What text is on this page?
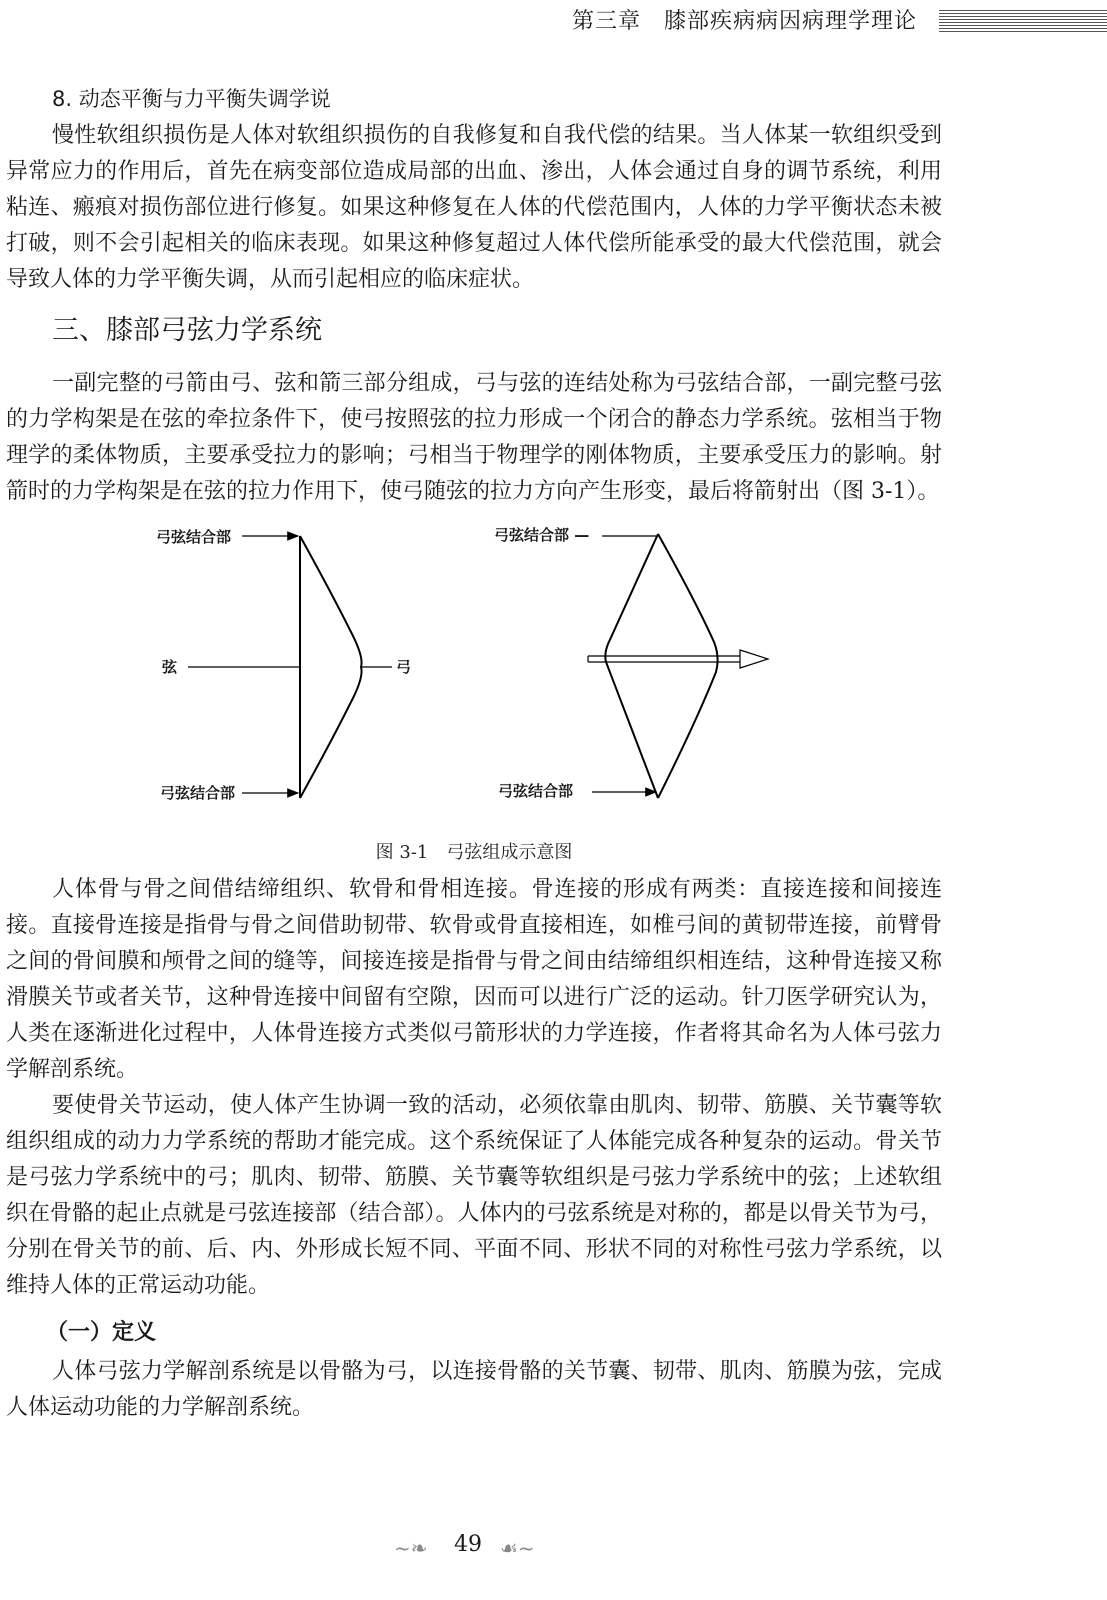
第三章　膝部疾病病因病理学理论
8. 动态平衡与力平衡失调学说

慢性软组织损伤是人体对软组织损伤的自我修复和自我代偿的结果。当人体某一软组织受到异常应力的作用后，首先在病变部位造成局部的出血、渗出，人体会通过自身的调节系统，利用粘连、瘢痕对损伤部位进行修复。如果这种修复在人体的代偿范围内，人体的力学平衡状态未被打破，则不会引起相关的临床表现。如果这种修复超过人体代偿所能承受的最大代偿范围，就会导致人体的力学平衡失调，从而引起相应的临床症状。

三、膝部弓弦力学系统

一副完整的弓箭由弓、弦和箭三部分组成，弓与弦的连结处称为弓弦结合部，一副完整弓弦的力学构架是在弦的牵拉条件下，使弓按照弦的拉力形成一个闭合的静态力学系统。弦相当于物理学的柔体物质，主要承受拉力的影响；弓相当于物理学的刚体物质，主要承受压力的影响。射箭时的力学构架是在弦的拉力作用下，使弓随弦的拉力方向产生形变，最后将箭射出（图 3-1）。

弓弦结合部
弦	弓
弓弦结合部
弓弦结合部 —
弓弦结合部
图 3-1　弓弦组成示意图

人体骨与骨之间借结缔组织、软骨和骨相连接。骨连接的形成有两类：直接连接和间接连接。直接骨连接是指骨与骨之间借助韧带、软骨或骨直接相连，如椎弓间的黄韧带连接，前臂骨之间的骨间膜和颅骨之间的缝等，间接连接是指骨与骨之间由结缔组织相连结，这种骨连接又称滑膜关节或者关节，这种骨连接中间留有空隙，因而可以进行广泛的运动。针刀医学研究认为，人类在逐渐进化过程中，人体骨连接方式类似弓箭形状的力学连接，作者将其命名为人体弓弦力学解剖系统。

要使骨关节运动，使人体产生协调一致的活动，必须依靠由肌肉、韧带、筋膜、关节囊等软组织组成的动力力学系统的帮助才能完成。这个系统保证了人体能完成各种复杂的运动。骨关节是弓弦力学系统中的弓；肌肉、韧带、筋膜、关节囊等软组织是弓弦力学系统中的弦；上述软组织在骨骼的起止点就是弓弦连接部（结合部）。人体内的弓弦系统是对称的，都是以骨关节为弓，分别在骨关节的前、后、内、外形成长短不同、平面不同、形状不同的对称性弓弦力学系统，以维持人体的正常运动功能。

（一）定义

人体弓弦力学解剖系统是以骨骼为弓，以连接骨骼的关节囊、韧带、肌肉、筋膜为弦，完成人体运动功能的力学解剖系统。

~❧	49 ☙~
